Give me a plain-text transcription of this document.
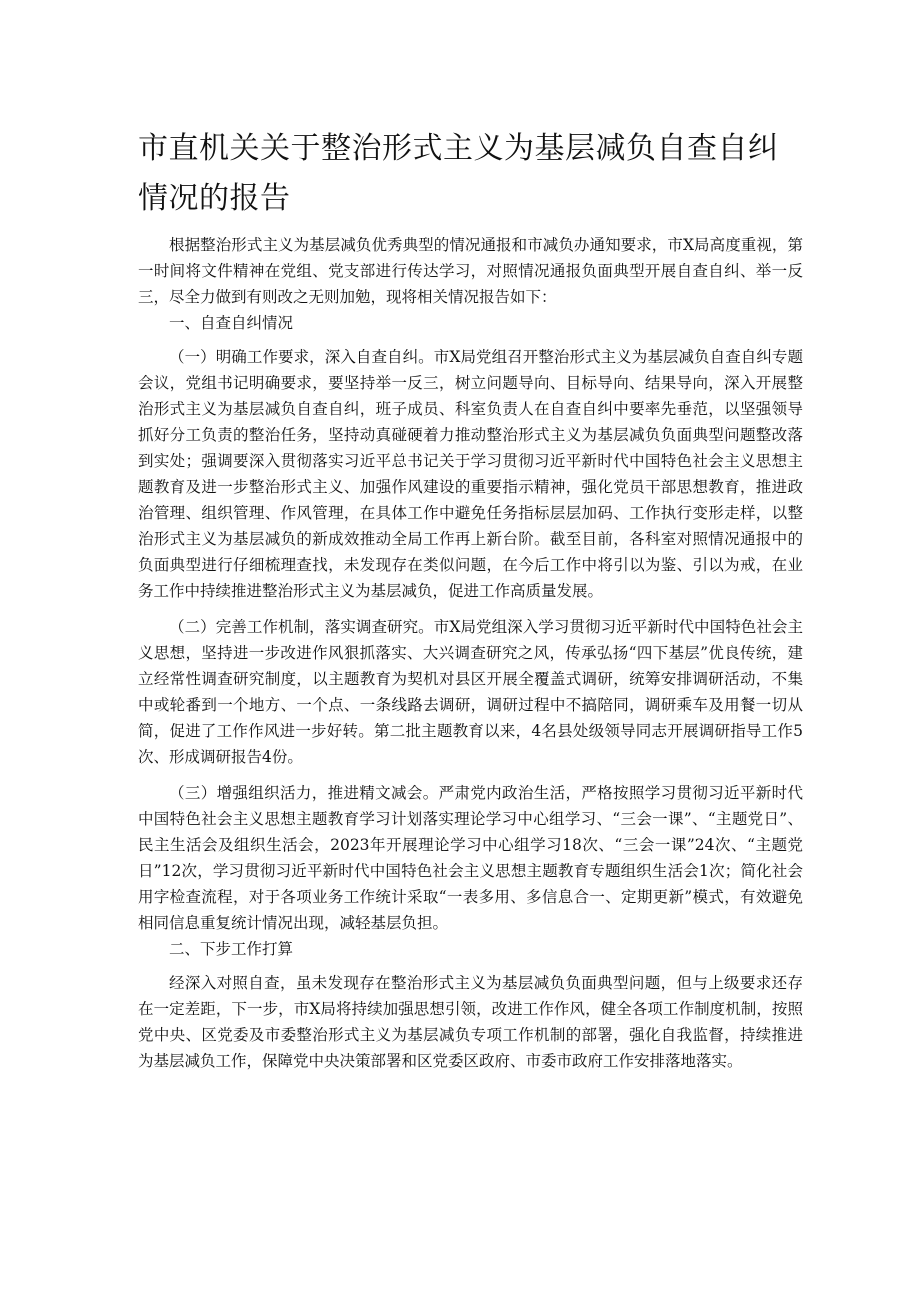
市直机关关于整治形式主义为基层减负自查自纠情况的报告

根据整治形式主义为基层减负优秀典型的情况通报和市减负办通知要求，市X局高度重视，第一时间将文件精神在党组、党支部进行传达学习，对照情况通报负面典型开展自查自纠、举一反三，尽全力做到有则改之无则加勉，现将相关情况报告如下：

一、自查自纠情况

（一）明确工作要求，深入自查自纠。市X局党组召开整治形式主义为基层减负自查自纠专题会议，党组书记明确要求，要坚持举一反三，树立问题导向、目标导向、结果导向，深入开展整治形式主义为基层减负自查自纠，班子成员、科室负责人在自查自纠中要率先垂范，以坚强领导抓好分工负责的整治任务，坚持动真碰硬着力推动整治形式主义为基层减负负面典型问题整改落到实处；强调要深入贯彻落实习近平总书记关于学习贯彻习近平新时代中国特色社会主义思想主题教育及进一步整治形式主义、加强作风建设的重要指示精神，强化党员干部思想教育，推进政治管理、组织管理、作风管理，在具体工作中避免任务指标层层加码、工作执行变形走样，以整治形式主义为基层减负的新成效推动全局工作再上新台阶。截至目前，各科室对照情况通报中的负面典型进行仔细梳理查找，未发现存在类似问题，在今后工作中将引以为鉴、引以为戒，在业务工作中持续推进整治形式主义为基层减负，促进工作高质量发展。

（二）完善工作机制，落实调查研究。市X局党组深入学习贯彻习近平新时代中国特色社会主义思想，坚持进一步改进作风狠抓落实、大兴调查研究之风，传承弘扬“四下基层”优良传统，建立经常性调查研究制度，以主题教育为契机对县区开展全覆盖式调研，统筹安排调研活动，不集中或轮番到一个地方、一个点、一条线路去调研，调研过程中不搞陪同，调研乘车及用餐一切从简，促进了工作作风进一步好转。第二批主题教育以来，4名县处级领导同志开展调研指导工作5次、形成调研报告4份。

（三）增强组织活力，推进精文减会。严肃党内政治生活，严格按照学习贯彻习近平新时代中国特色社会主义思想主题教育学习计划落实理论学习中心组学习、“三会一课”、“主题党日”、民主生活会及组织生活会，2023年开展理论学习中心组学习18次、“三会一课”24次、“主题党日”12次，学习贯彻习近平新时代中国特色社会主义思想主题教育专题组织生活会1次；简化社会用字检查流程，对于各项业务工作统计采取“一表多用、多信息合一、定期更新”模式，有效避免相同信息重复统计情况出现，减轻基层负担。

二、下步工作打算

经深入对照自查，虽未发现存在整治形式主义为基层减负负面典型问题，但与上级要求还存在一定差距，下一步，市X局将持续加强思想引领，改进工作作风，健全各项工作制度机制，按照党中央、区党委及市委整治形式主义为基层减负专项工作机制的部署，强化自我监督，持续推进为基层减负工作，保障党中央决策部署和区党委区政府、市委市政府工作安排落地落实。
